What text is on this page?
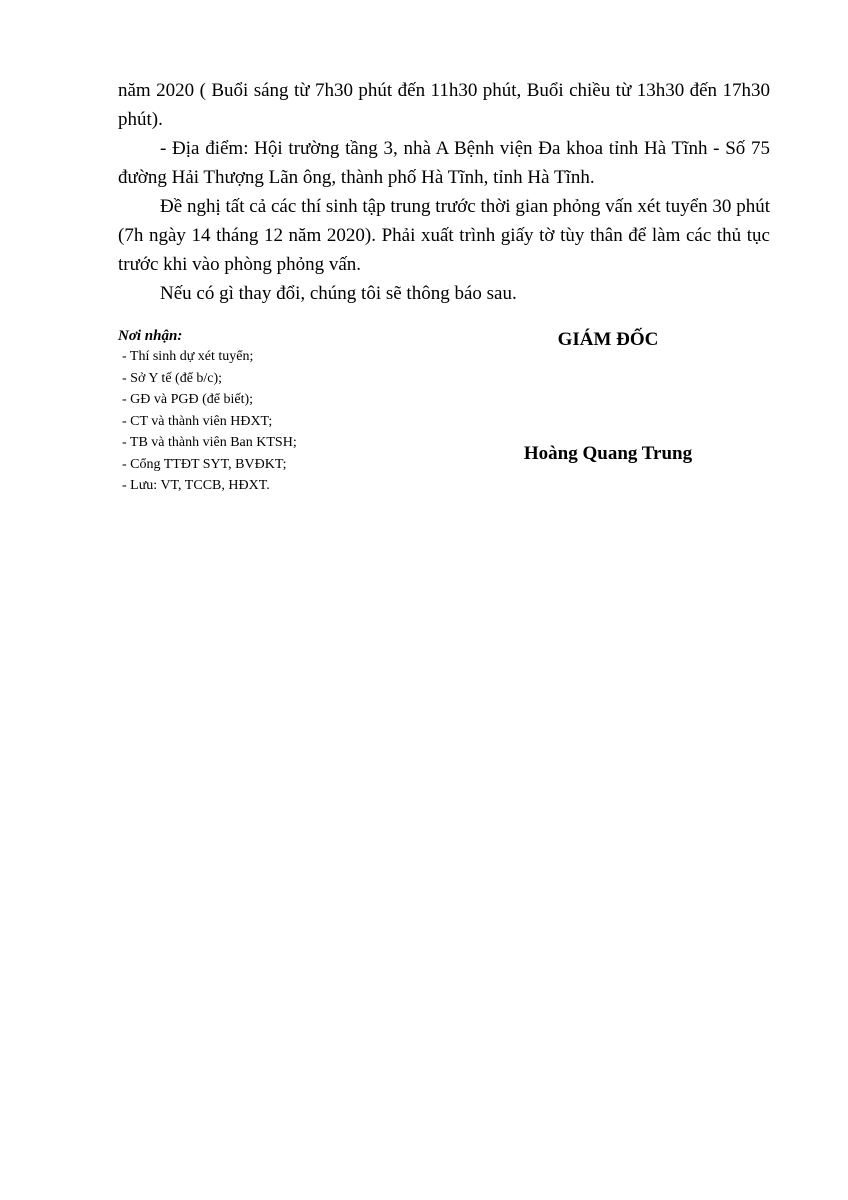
năm 2020 ( Buổi sáng từ 7h30 phút đến 11h30 phút, Buổi chiều từ 13h30 đến 17h30 phút).

- Địa điểm: Hội trường tầng 3, nhà A Bệnh viện Đa khoa tỉnh Hà Tĩnh - Số 75 đường Hải Thượng Lãn ông, thành phố Hà Tĩnh, tỉnh Hà Tĩnh.

Đề nghị tất cả các thí sinh tập trung trước thời gian phỏng vấn xét tuyển 30 phút (7h ngày 14 tháng 12 năm 2020). Phải xuất trình giấy tờ tùy thân để làm các thủ tục trước khi vào phòng phỏng vấn.

Nếu có gì thay đổi, chúng tôi sẽ thông báo sau.

Nơi nhận:
- Thí sinh dự xét tuyển;
- Sở Y tế (để b/c);
- GĐ và PGĐ (để biết);
- CT và thành viên HĐXT;
- TB và thành viên Ban KTSH;
- Cổng TTĐT SYT, BVĐKT;
- Lưu: VT, TCCB, HĐXT.
GIÁM ĐỐC
Hoàng Quang Trung
